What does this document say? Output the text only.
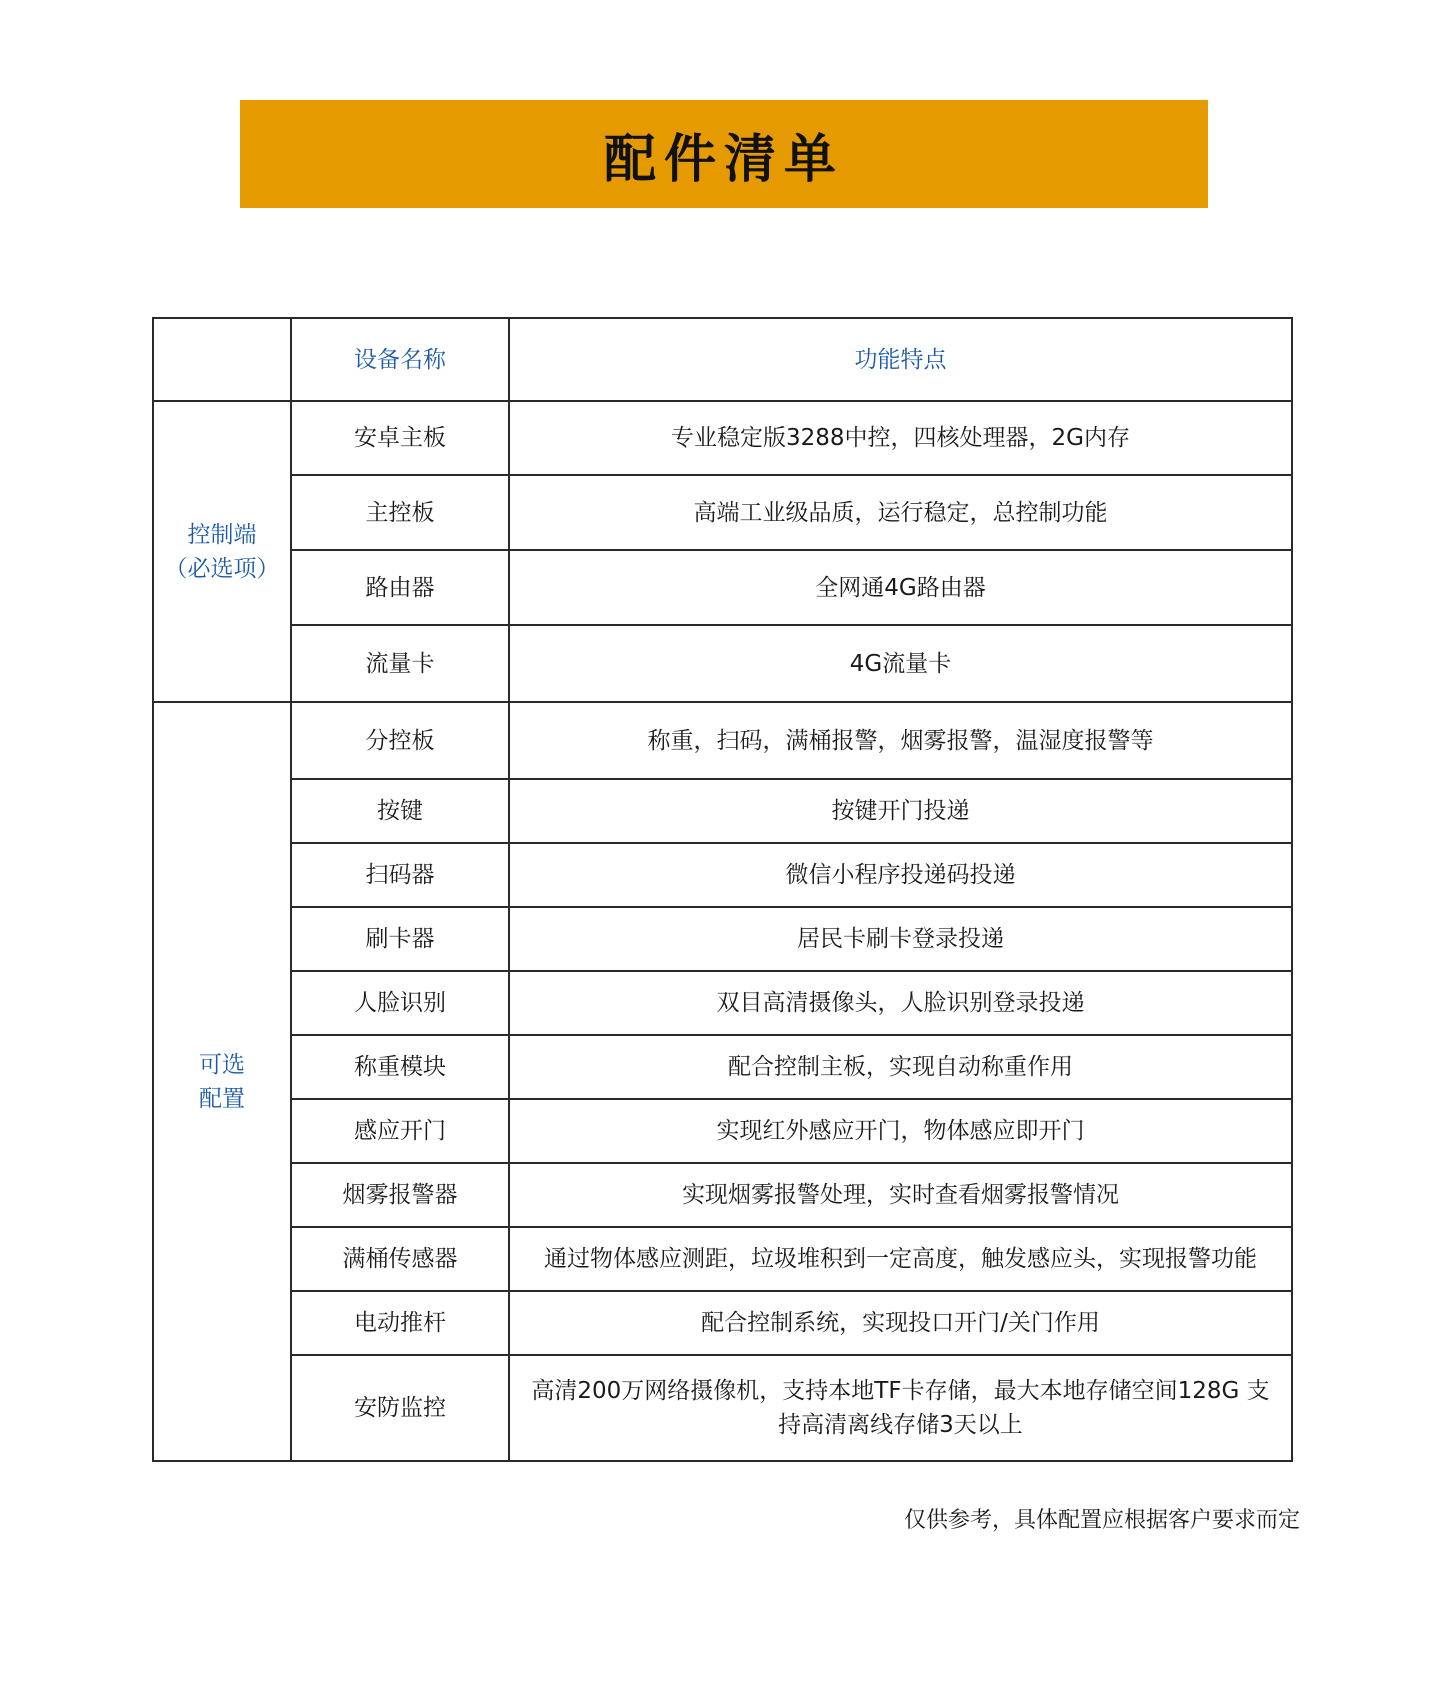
配件清单
	设备名称	功能特点

控制端
（必选项）	安卓主板	专业稳定版3288中控，四核处理器，2G内存
	主控板	高端工业级品质，运行稳定，总控制功能
	路由器	全网通4G路由器
	流量卡	4G流量卡

可选
配置	分控板	称重，扫码，满桶报警，烟雾报警，温湿度报警等
	按键	按键开门投递
	扫码器	微信小程序投递码投递
	刷卡器	居民卡刷卡登录投递
	人脸识别	双目高清摄像头，人脸识别登录投递
	称重模块	配合控制主板，实现自动称重作用
	感应开门	实现红外感应开门，物体感应即开门
	烟雾报警器	实现烟雾报警处理，实时查看烟雾报警情况
	满桶传感器	通过物体感应测距，垃圾堆积到一定高度，触发感应头，实现报警功能
	电动推杆	配合控制系统，实现投口开门/关门作用
	安防监控	高清200万网络摄像机，支持本地TF卡存储，最大本地存储空间128G 支持高清离线存储3天以上
仅供参考，具体配置应根据客户要求而定
